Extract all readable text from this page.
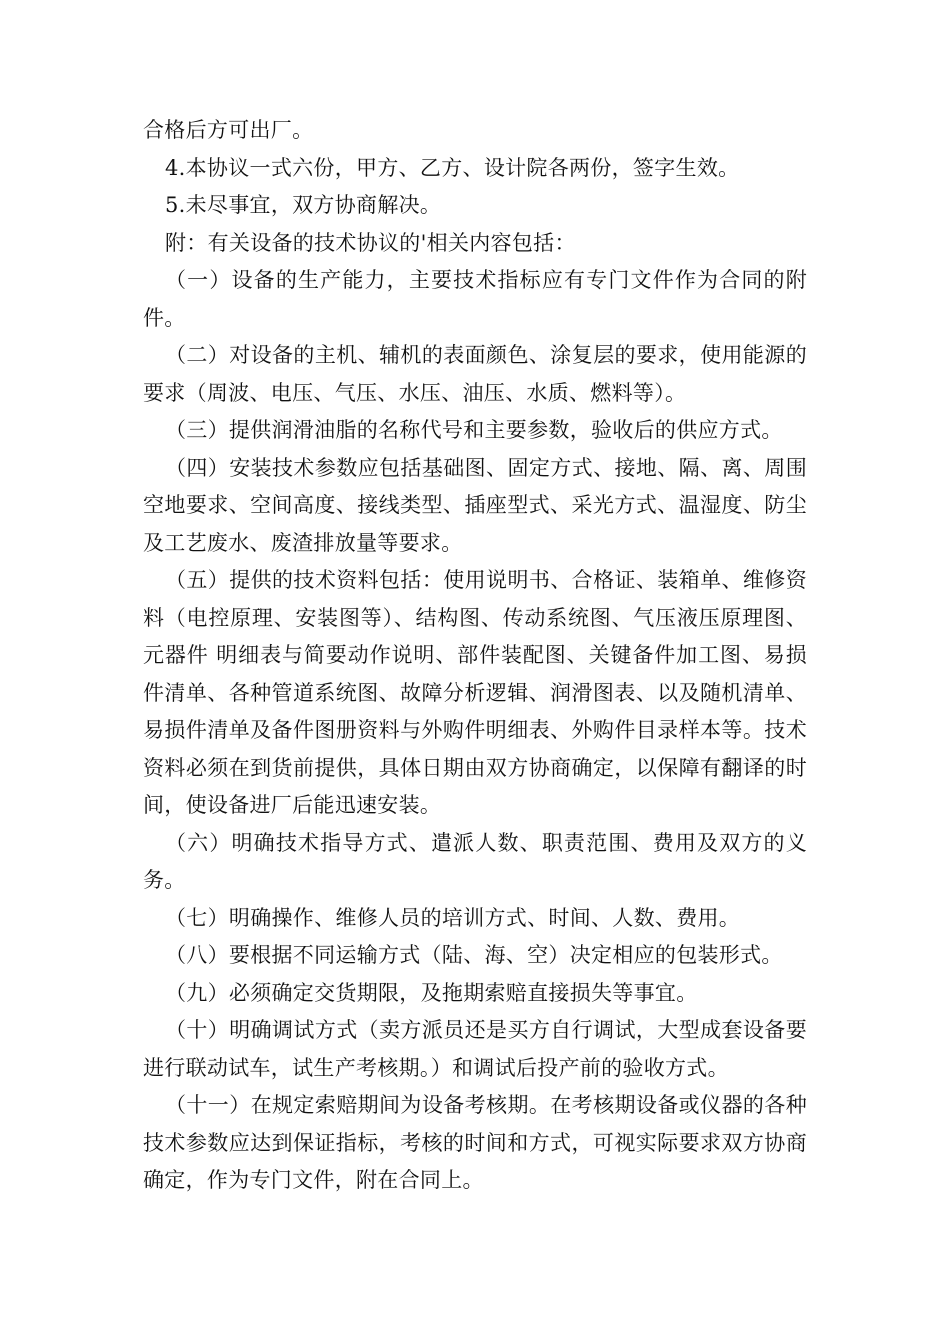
合格后方可出厂。

4.本协议一式六份，甲方、乙方、设计院各两份，签字生效。

5.未尽事宜，双方协商解决。

附：有关设备的技术协议的'相关内容包括：

（一）设备的生产能力，主要技术指标应有专门文件作为合同的附件。

（二）对设备的主机、辅机的表面颜色、涂复层的要求，使用能源的要求（周波、电压、气压、水压、油压、水质、燃料等）。

（三）提供润滑油脂的名称代号和主要参数，验收后的供应方式。

（四）安装技术参数应包括基础图、固定方式、接地、隔、离、周围空地要求、空间高度、接线类型、插座型式、采光方式、温湿度、防尘及工艺废水、废渣排放量等要求。

（五）提供的技术资料包括：使用说明书、合格证、装箱单、维修资料（电控原理、安装图等）、结构图、传动系统图、气压液压原理图、元器件 明细表与简要动作说明、部件装配图、关键备件加工图、易损件清单、各种管道系统图、故障分析逻辑、润滑图表、以及随机清单、易损件清单及备件图册资料与外购件明细表、外购件目录样本等。技术资料必须在到货前提供，具体日期由双方协商确定，以保障有翻译的时间，使设备进厂后能迅速安装。

（六）明确技术指导方式、遣派人数、职责范围、费用及双方的义务。

（七）明确操作、维修人员的培训方式、时间、人数、费用。

（八）要根据不同运输方式（陆、海、空）决定相应的包装形式。

（九）必须确定交货期限，及拖期索赔直接损失等事宜。

（十）明确调试方式（卖方派员还是买方自行调试，大型成套设备要进行联动试车，试生产考核期。）和调试后投产前的验收方式。

（十一）在规定索赔期间为设备考核期。在考核期设备或仪器的各种技术参数应达到保证指标，考核的时间和方式，可视实际要求双方协商确定，作为专门文件，附在合同上。
